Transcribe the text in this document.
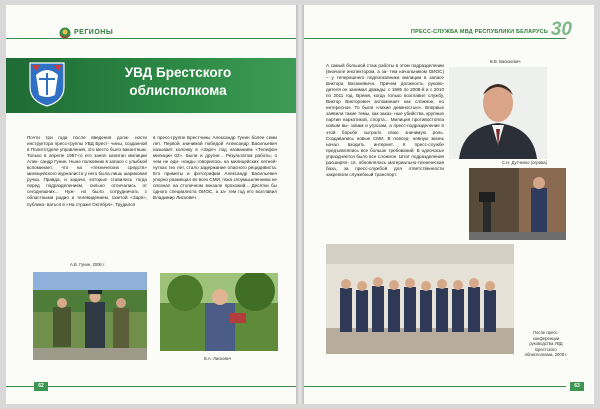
РЕГИОНЫ
УВД Брестского
облисполкома
Почти три года после введения долж- ности инструктора пресс-группы УВД Брест- чины, созданной в Политотделе управления, это место было вакантным. Только в апреле 1987-го его занял капитан милиции Алек- сандр Гунин. Ныне полковник в запасе с улыбкой вспоминает, что на «технических средств» милицейского журналиста у него была лишь шариковая ручка. Правда, и задачи, которые ставились тогда перед подразделением, сильно отличались от сегодняшних... Нуж- но было сотрудничать с областными радио и телевидением, газетой «Заря», публико- ваться в «На страже Октября». Трудился
в пресс-группе Брестчины Александр Гунин более семи лет. Первой значимой победой Александр Васильевич называет колонку в «Заре» под названием «Телефон милиции 02». Были и другие... Результатом работы, о чем не еди- ножды говорилось на милицейских летней- нутках тех лет, стало задержание опасного рецидивиста. Его приметы и фотографии Александр Васильевич упорно размещал во всех СМИ, пока злоумышленника не опознал на столичном вокзале прохожий... Десятки бы одного специалиста ОИОС, а за- тем год его возглавил Владимир Лисковеч.
А.В. Гунин, 2006 г.
В.А. Лисковеч
62
ПРЕСС-СЛУЖБА МВД РЕСПУБЛИКИ БЕЛАРУСЬ 30
А самый большой стаж работы в этом подразделении (вначале инспектором, а за- тем начальником ОИОС) – у теперешнего подполковника милиции в запасе Виктора Васюкевича. Причем должность руково- дителя он занимал дважды: с 1995 по 2008-й и с 2010 по 2011 год. Время, когда только возглавил службу, Виктор Викторович вспоминает как сложное, но интересное. То были «лихие девяностые». Впервые заявили такие темы, как заказ- ные убийства, крупные партии наркотиков, спорта... Милиция противостояла новым вы- зовам и угрозам, а пресс-подразделение в этой борьбе сыграло свою значимую роль. Создавались новые СМИ. В повсед- невную жизнь начал входить интернет. К пресс-службе предъявлялись все больше требований. В одночасье упраздняется было все сложное. Штат подразделения расширял- ся, обновлялась материально-техническая база, за пресс-службой для ответственности закрепили служебный транспорт.
В.В. Васюкевич
С.Н. Дутченко (справа)
После пресс-конференции руководства УВД Брестского облисполкома, 2009 г.
63
